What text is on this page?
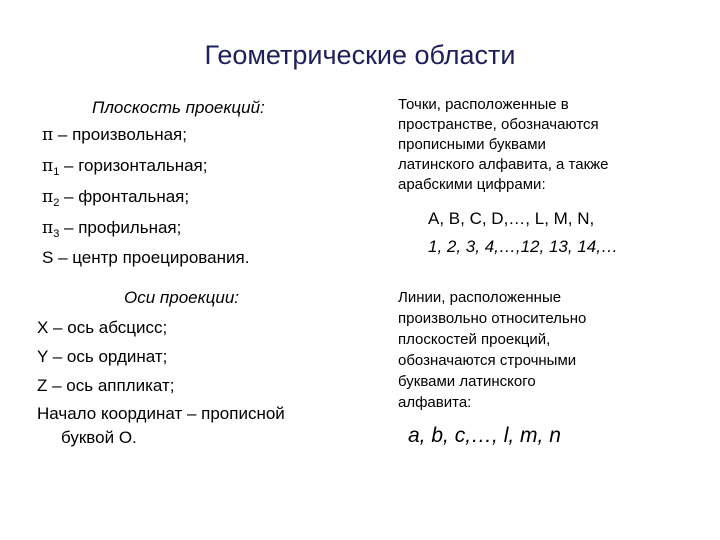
Геометрические области
Плоскость проекций:
π – произвольная;
$\pi_1$ – горизонтальная;
$\pi_2$ – фронтальная;
$\pi_3$ – профильная;
S – центр проецирования.
Оси проекции:
X – ось абсцисс;
Y – ось ординат;
Z – ось аппликат;
Начало координат – прописной
буквой О.
Точки, расположенные в
пространстве, обозначаются
прописными буквами
латинского алфавита, а также
арабскими цифрами:
A, B, C, D,…, L, M, N,
1, 2, 3, 4,…,12, 13, 14,…
Линии, расположенные
произвольно относительно
плоскостей проекций,
обозначаются строчными
буквами латинского
алфавита:
a, b, c,…, l, m, n
